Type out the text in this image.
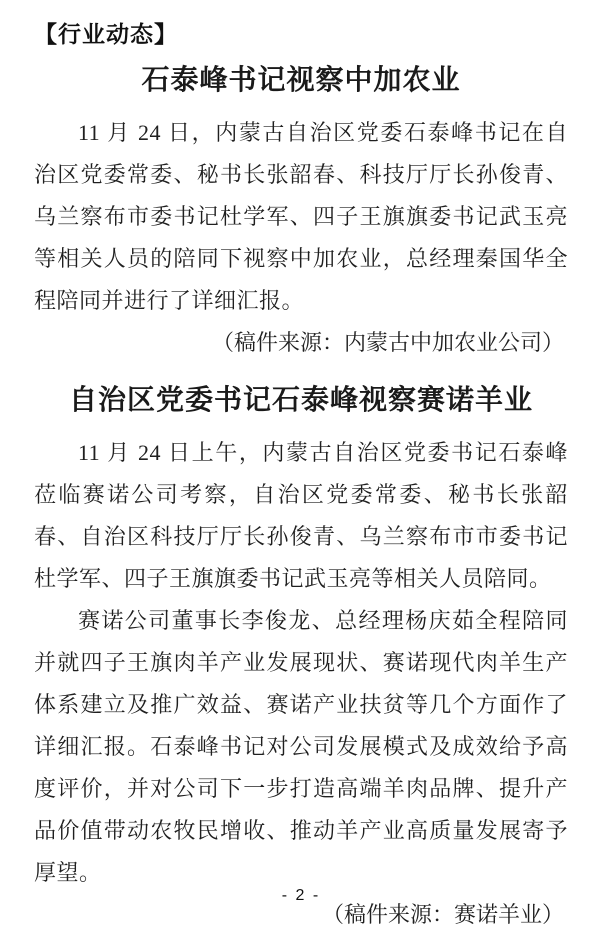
【行业动态】
石泰峰书记视察中加农业

11 月 24 日，内蒙古自治区党委石泰峰书记在自治区党委常委、秘书长张韶春、科技厅厅长孙俊青、乌兰察布市委书记杜学军、四子王旗旗委书记武玉亮等相关人员的陪同下视察中加农业，总经理秦国华全程陪同并进行了详细汇报。

（稿件来源：内蒙古中加农业公司）

自治区党委书记石泰峰视察赛诺羊业

11 月 24 日上午，内蒙古自治区党委书记石泰峰莅临赛诺公司考察，自治区党委常委、秘书长张韶春、自治区科技厅厅长孙俊青、乌兰察布市市委书记杜学军、四子王旗旗委书记武玉亮等相关人员陪同。

赛诺公司董事长李俊龙、总经理杨庆茹全程陪同并就四子王旗肉羊产业发展现状、赛诺现代肉羊生产体系建立及推广效益、赛诺产业扶贫等几个方面作了详细汇报。石泰峰书记对公司发展模式及成效给予高度评价，并对公司下一步打造高端羊肉品牌、提升产品价值带动农牧民增收、推动羊产业高质量发展寄予厚望。

（稿件来源：赛诺羊业）

- 2 -
